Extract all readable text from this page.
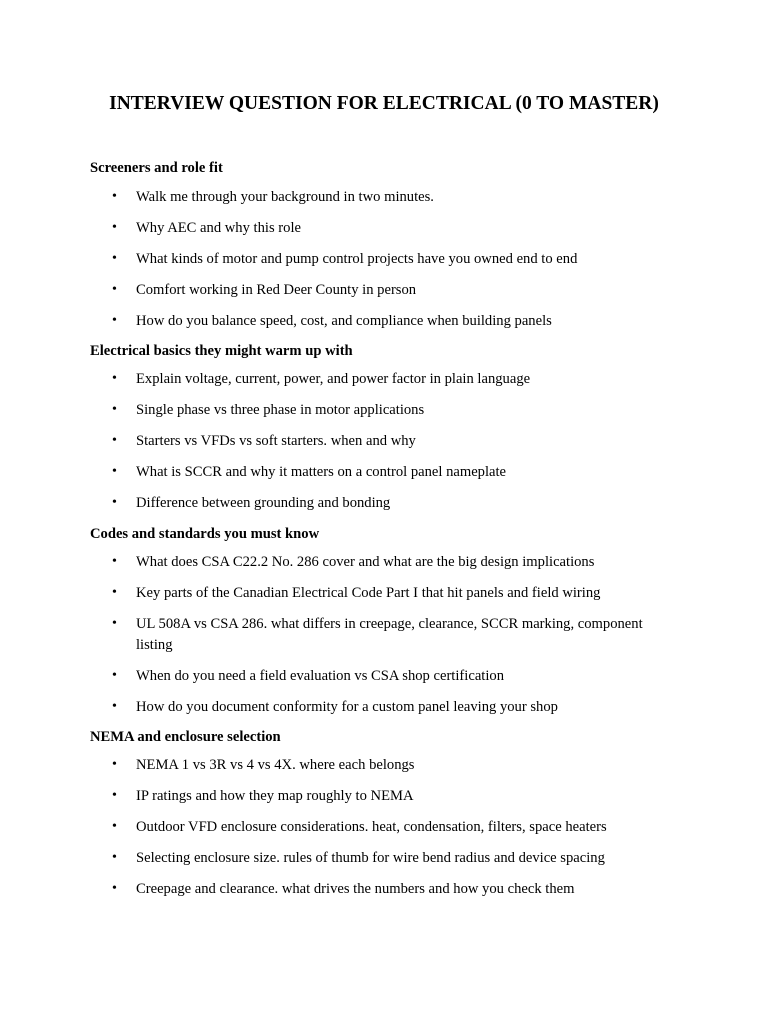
INTERVIEW QUESTION FOR ELECTRICAL (0 TO MASTER)
Screeners and role fit
• Walk me through your background in two minutes.
• Why AEC and why this role
• What kinds of motor and pump control projects have you owned end to end
• Comfort working in Red Deer County in person
• How do you balance speed, cost, and compliance when building panels
Electrical basics they might warm up with
• Explain voltage, current, power, and power factor in plain language
• Single phase vs three phase in motor applications
• Starters vs VFDs vs soft starters. when and why
• What is SCCR and why it matters on a control panel nameplate
• Difference between grounding and bonding
Codes and standards you must know
• What does CSA C22.2 No. 286 cover and what are the big design implications
• Key parts of the Canadian Electrical Code Part I that hit panels and field wiring
• UL 508A vs CSA 286. what differs in creepage, clearance, SCCR marking, component listing
• When do you need a field evaluation vs CSA shop certification
• How do you document conformity for a custom panel leaving your shop
NEMA and enclosure selection
• NEMA 1 vs 3R vs 4 vs 4X. where each belongs
• IP ratings and how they map roughly to NEMA
• Outdoor VFD enclosure considerations. heat, condensation, filters, space heaters
• Selecting enclosure size. rules of thumb for wire bend radius and device spacing
• Creepage and clearance. what drives the numbers and how you check them
